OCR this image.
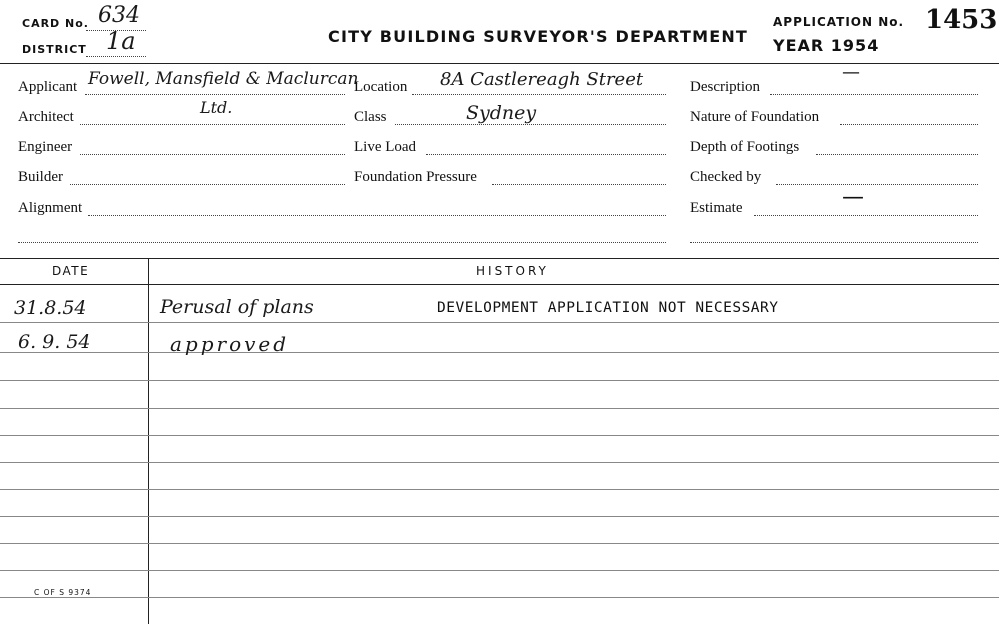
CARD No. 634
DISTRICT 1a	CITY BUILDING SURVEYOR'S DEPARTMENT
APPLICATION No. 1453
YEAR 1954
Applicant Fowell, Mansfield & Maclurcan
Ltd.
Architect
Engineer
Builder
Alignment
Location 8A Castlereagh Street
Class	Sydney
Live Load
Foundation Pressure
Description
—
Nature of Foundation
Depth of Footings
Checked by
Estimate	—
DATE	HISTORY
31.8.54	Perusal of plans	DEVELOPMENT APPLICATION NOT NECESSARY
6. 9. 54	approved
C OF S 9374
